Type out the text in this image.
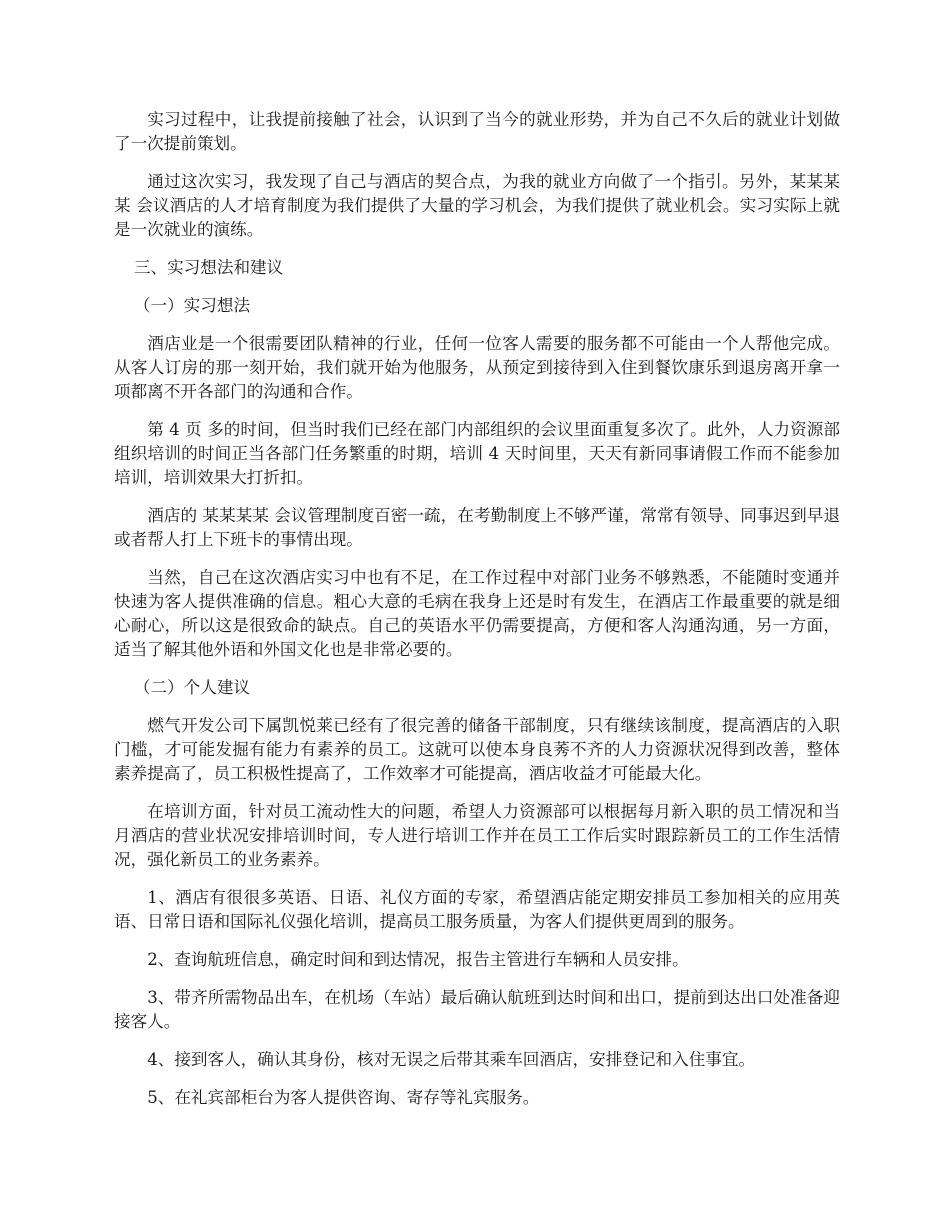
实习过程中，让我提前接触了社会，认识到了当今的就业形势，并为自己不久后的就业计划做了一次提前策划。

通过这次实习，我发现了自己与酒店的契合点，为我的就业方向做了一个指引。另外，某某某某 会议酒店的人才培育制度为我们提供了大量的学习机会，为我们提供了就业机会。实习实际上就是一次就业的演练。

三、实习想法和建议

（一）实习想法

酒店业是一个很需要团队精神的行业，任何一位客人需要的服务都不可能由一个人帮他完成。从客人订房的那一刻开始，我们就开始为他服务，从预定到接待到入住到餐饮康乐到退房离开拿一项都离不开各部门的沟通和合作。

第 4 页 多的时间，但当时我们已经在部门内部组织的会议里面重复多次了。此外，人力资源部组织培训的时间正当各部门任务繁重的时期，培训 4 天时间里，天天有新同事请假工作而不能参加培训，培训效果大打折扣。

酒店的 某某某某 会议管理制度百密一疏，在考勤制度上不够严谨，常常有领导、同事迟到早退或者帮人打上下班卡的事情出现。

当然，自己在这次酒店实习中也有不足，在工作过程中对部门业务不够熟悉，不能随时变通并快速为客人提供准确的信息。粗心大意的毛病在我身上还是时有发生，在酒店工作最重要的就是细心耐心，所以这是很致命的缺点。自己的英语水平仍需要提高，方便和客人沟通沟通，另一方面，适当了解其他外语和外国文化也是非常必要的。

（二）个人建议

燃气开发公司下属凯悦莱已经有了很完善的储备干部制度，只有继续该制度，提高酒店的入职门槛，才可能发掘有能力有素养的员工。这就可以使本身良莠不齐的人力资源状况得到改善，整体素养提高了，员工积极性提高了，工作效率才可能提高，酒店收益才可能最大化。

在培训方面，针对员工流动性大的问题，希望人力资源部可以根据每月新入职的员工情况和当月酒店的营业状况安排培训时间，专人进行培训工作并在员工工作后实时跟踪新员工的工作生活情况，强化新员工的业务素养。

1、酒店有很很多英语、日语、礼仪方面的专家，希望酒店能定期安排员工参加相关的应用英语、日常日语和国际礼仪强化培训，提高员工服务质量，为客人们提供更周到的服务。

2、查询航班信息，确定时间和到达情况，报告主管进行车辆和人员安排。

3、带齐所需物品出车，在机场（车站）最后确认航班到达时间和出口，提前到达出口处准备迎接客人。

4、接到客人，确认其身份，核对无误之后带其乘车回酒店，安排登记和入住事宜。

5、在礼宾部柜台为客人提供咨询、寄存等礼宾服务。
